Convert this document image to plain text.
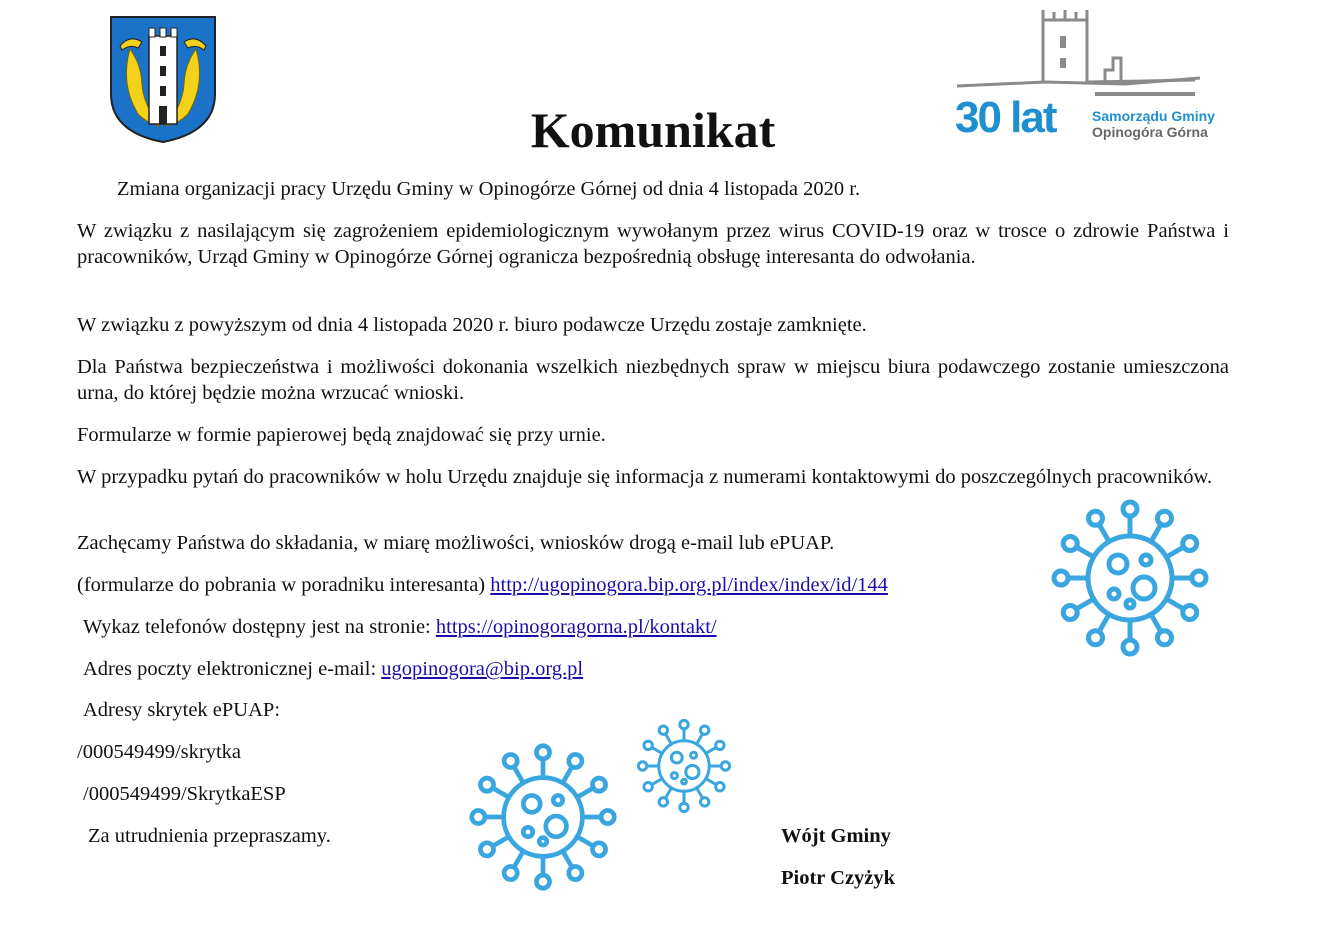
30 lat	Samorządu Gminy
Opinogóra Górna
Komunikat
Zmiana organizacji pracy Urzędu Gminy w Opinogórze Górnej od dnia 4 listopada 2020 r.
W związku z nasilającym się zagrożeniem epidemiologicznym wywołanym przez wirus COVID-19 oraz w trosce o zdrowie Państwa i pracowników, Urząd Gminy w Opinogórze Górnej ogranicza bezpośrednią obsługę interesanta do odwołania.
W związku z powyższym od dnia 4 listopada 2020 r. biuro podawcze Urzędu zostaje zamknięte.
Dla Państwa bezpieczeństwa i możliwości dokonania wszelkich niezbędnych spraw w miejscu biura podawczego zostanie umieszczona urna, do której będzie można wrzucać wnioski.
Formularze w formie papierowej będą znajdować się przy urnie.
W przypadku pytań do pracowników w holu Urzędu znajduje się informacja z numerami kontaktowymi do poszczególnych pracowników.
Zachęcamy Państwa do składania, w miarę możliwości, wniosków drogą e-mail lub ePUAP.
(formularze do pobrania w poradniku interesanta) http://ugopinogora.bip.org.pl/index/index/id/144
Wykaz telefonów dostępny jest na stronie: https://opinogoragorna.pl/kontakt/
Adres poczty elektronicznej e-mail: ugopinogora@bip.org.pl
Adresy skrytek ePUAP:
/000549499/skrytka
/000549499/SkrytkaESP
Za utrudnienia przepraszamy.	Wójt Gminy
Piotr Czyżyk
